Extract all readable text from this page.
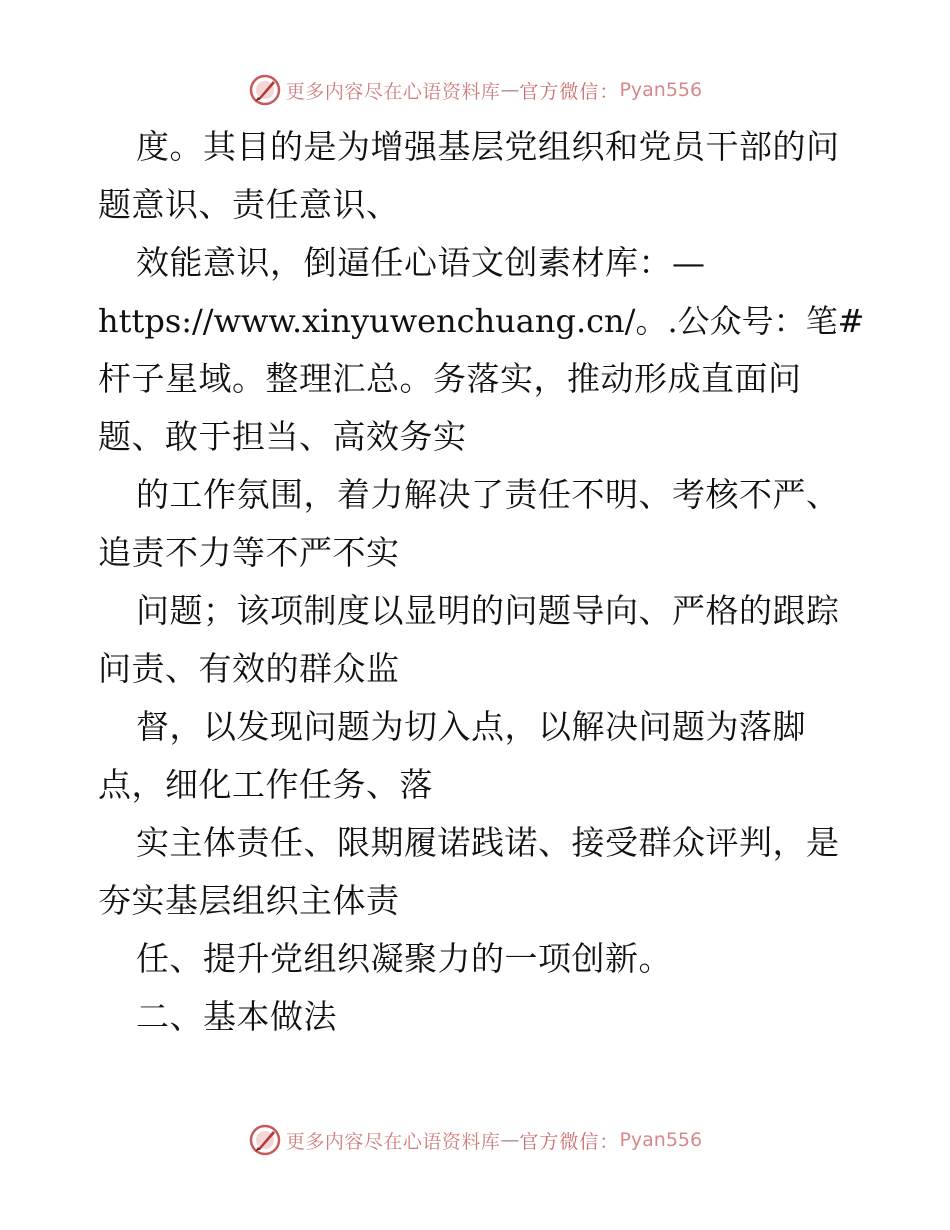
更多内容尽在心语资料库 — 官方微信： Pyan556
度。其目的是为增强基层党组织和党员干部的问
题意识、责任意识、
效能意识，倒逼任心语文创素材库：—
https://www.xinyuwenchuang.cn/。.公众号：笔#
杆子星域。整理汇总。务落实，推动形成直面问
题、敢于担当、高效务实
的工作氛围，着力解决了责任不明、考核不严、
追责不力等不严不实
问题；该项制度以显明的问题导向、严格的跟踪
问责、有效的群众监
督，以发现问题为切入点，以解决问题为落脚
点，细化工作任务、落
实主体责任、限期履诺践诺、接受群众评判，是
夯实基层组织主体责
任、提升党组织凝聚力的一项创新。
二、基本做法
更多内容尽在心语资料库 — 官方微信： Pyan556
